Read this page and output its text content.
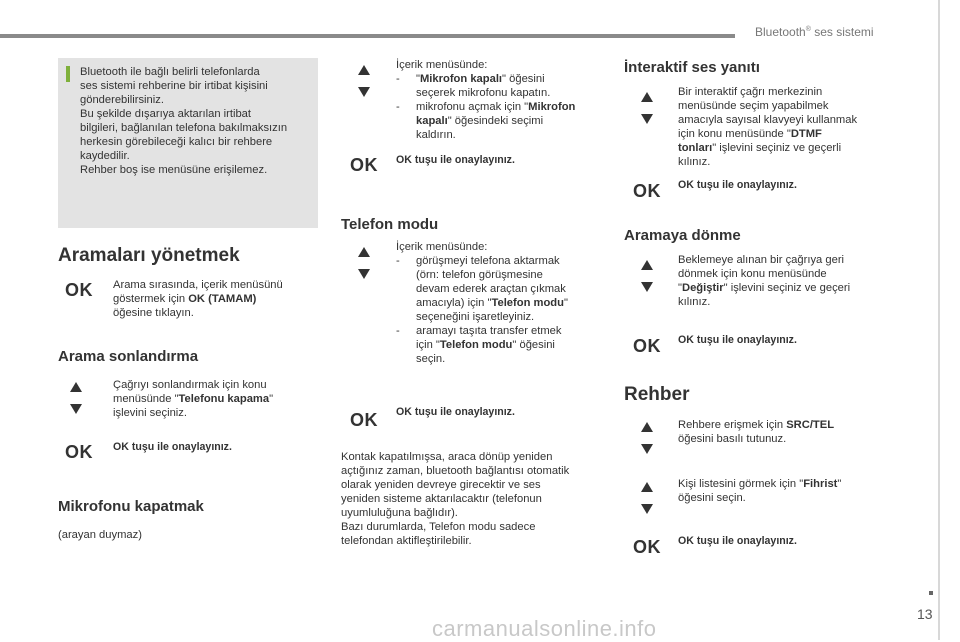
Bluetooth® ses sistemi
Bluetooth ile bağlı belirli telefonlarda
ses sistemi rehberine bir irtibat kişisini
gönderebilirsiniz.
Bu şekilde dışarıya aktarılan irtibat
bilgileri, bağlanılan telefona bakılmaksızın
herkesin görebileceği kalıcı bir rehbere
kaydedilir.
Rehber boş ise menüsüne erişilemez.
Aramaları yönetmek
OK Arama sırasında, içerik menüsünü
göstermek için OK (TAMAM)
öğesine tıklayın.
Arama sonlandırma
Çağrıyı sonlandırmak için konu
menüsünde "Telefonu kapama"
işlevini seçiniz.
OK OK tuşu ile onaylayınız.
Mikrofonu kapatmak
(arayan duymaz)
İçerik menüsünde:
- "Mikrofon kapalı" öğesini
seçerek mikrofonu kapatın.
- mikrofonu açmak için "Mikrofon
kapalı" öğesindeki seçimi
kaldırın.
OK OK tuşu ile onaylayınız.
Telefon modu
İçerik menüsünde:
- görüşmeyi telefona aktarmak
(örn: telefon görüşmesine
devam ederek araçtan çıkmak
amacıyla) için "Telefon modu"
seçeneğini işaretleyiniz.
- aramayı taşıta transfer etmek
için "Telefon modu" öğesini
seçin.
OK OK tuşu ile onaylayınız.
Kontak kapatılmışsa, araca dönüp yeniden
açtığınız zaman, bluetooth bağlantısı otomatik
olarak yeniden devreye girecektir ve ses
yeniden sisteme aktarılacaktır (telefonun
uyumluluğuna bağlıdır).
Bazı durumlarda, Telefon modu sadece
telefondan aktifleştirilebilir.
İnteraktif ses yanıtı
Bir interaktif çağrı merkezinin
menüsünde seçim yapabilmek
amacıyla sayısal klavyeyi kullanmak
için konu menüsünde "DTMF
tonları" işlevini seçiniz ve geçerli
kılınız.
OK OK tuşu ile onaylayınız.
Aramaya dönme
Beklemeye alınan bir çağrıya geri
dönmek için konu menüsünde
"Değiştir" işlevini seçiniz ve geçeri
kılınız.
OK OK tuşu ile onaylayınız.
Rehber
Rehbere erişmek için SRC/TEL
öğesini basılı tutunuz.
Kişi listesini görmek için "Fihrist"
öğesini seçin.
OK OK tuşu ile onaylayınız.
13
carmanualsonline.info
